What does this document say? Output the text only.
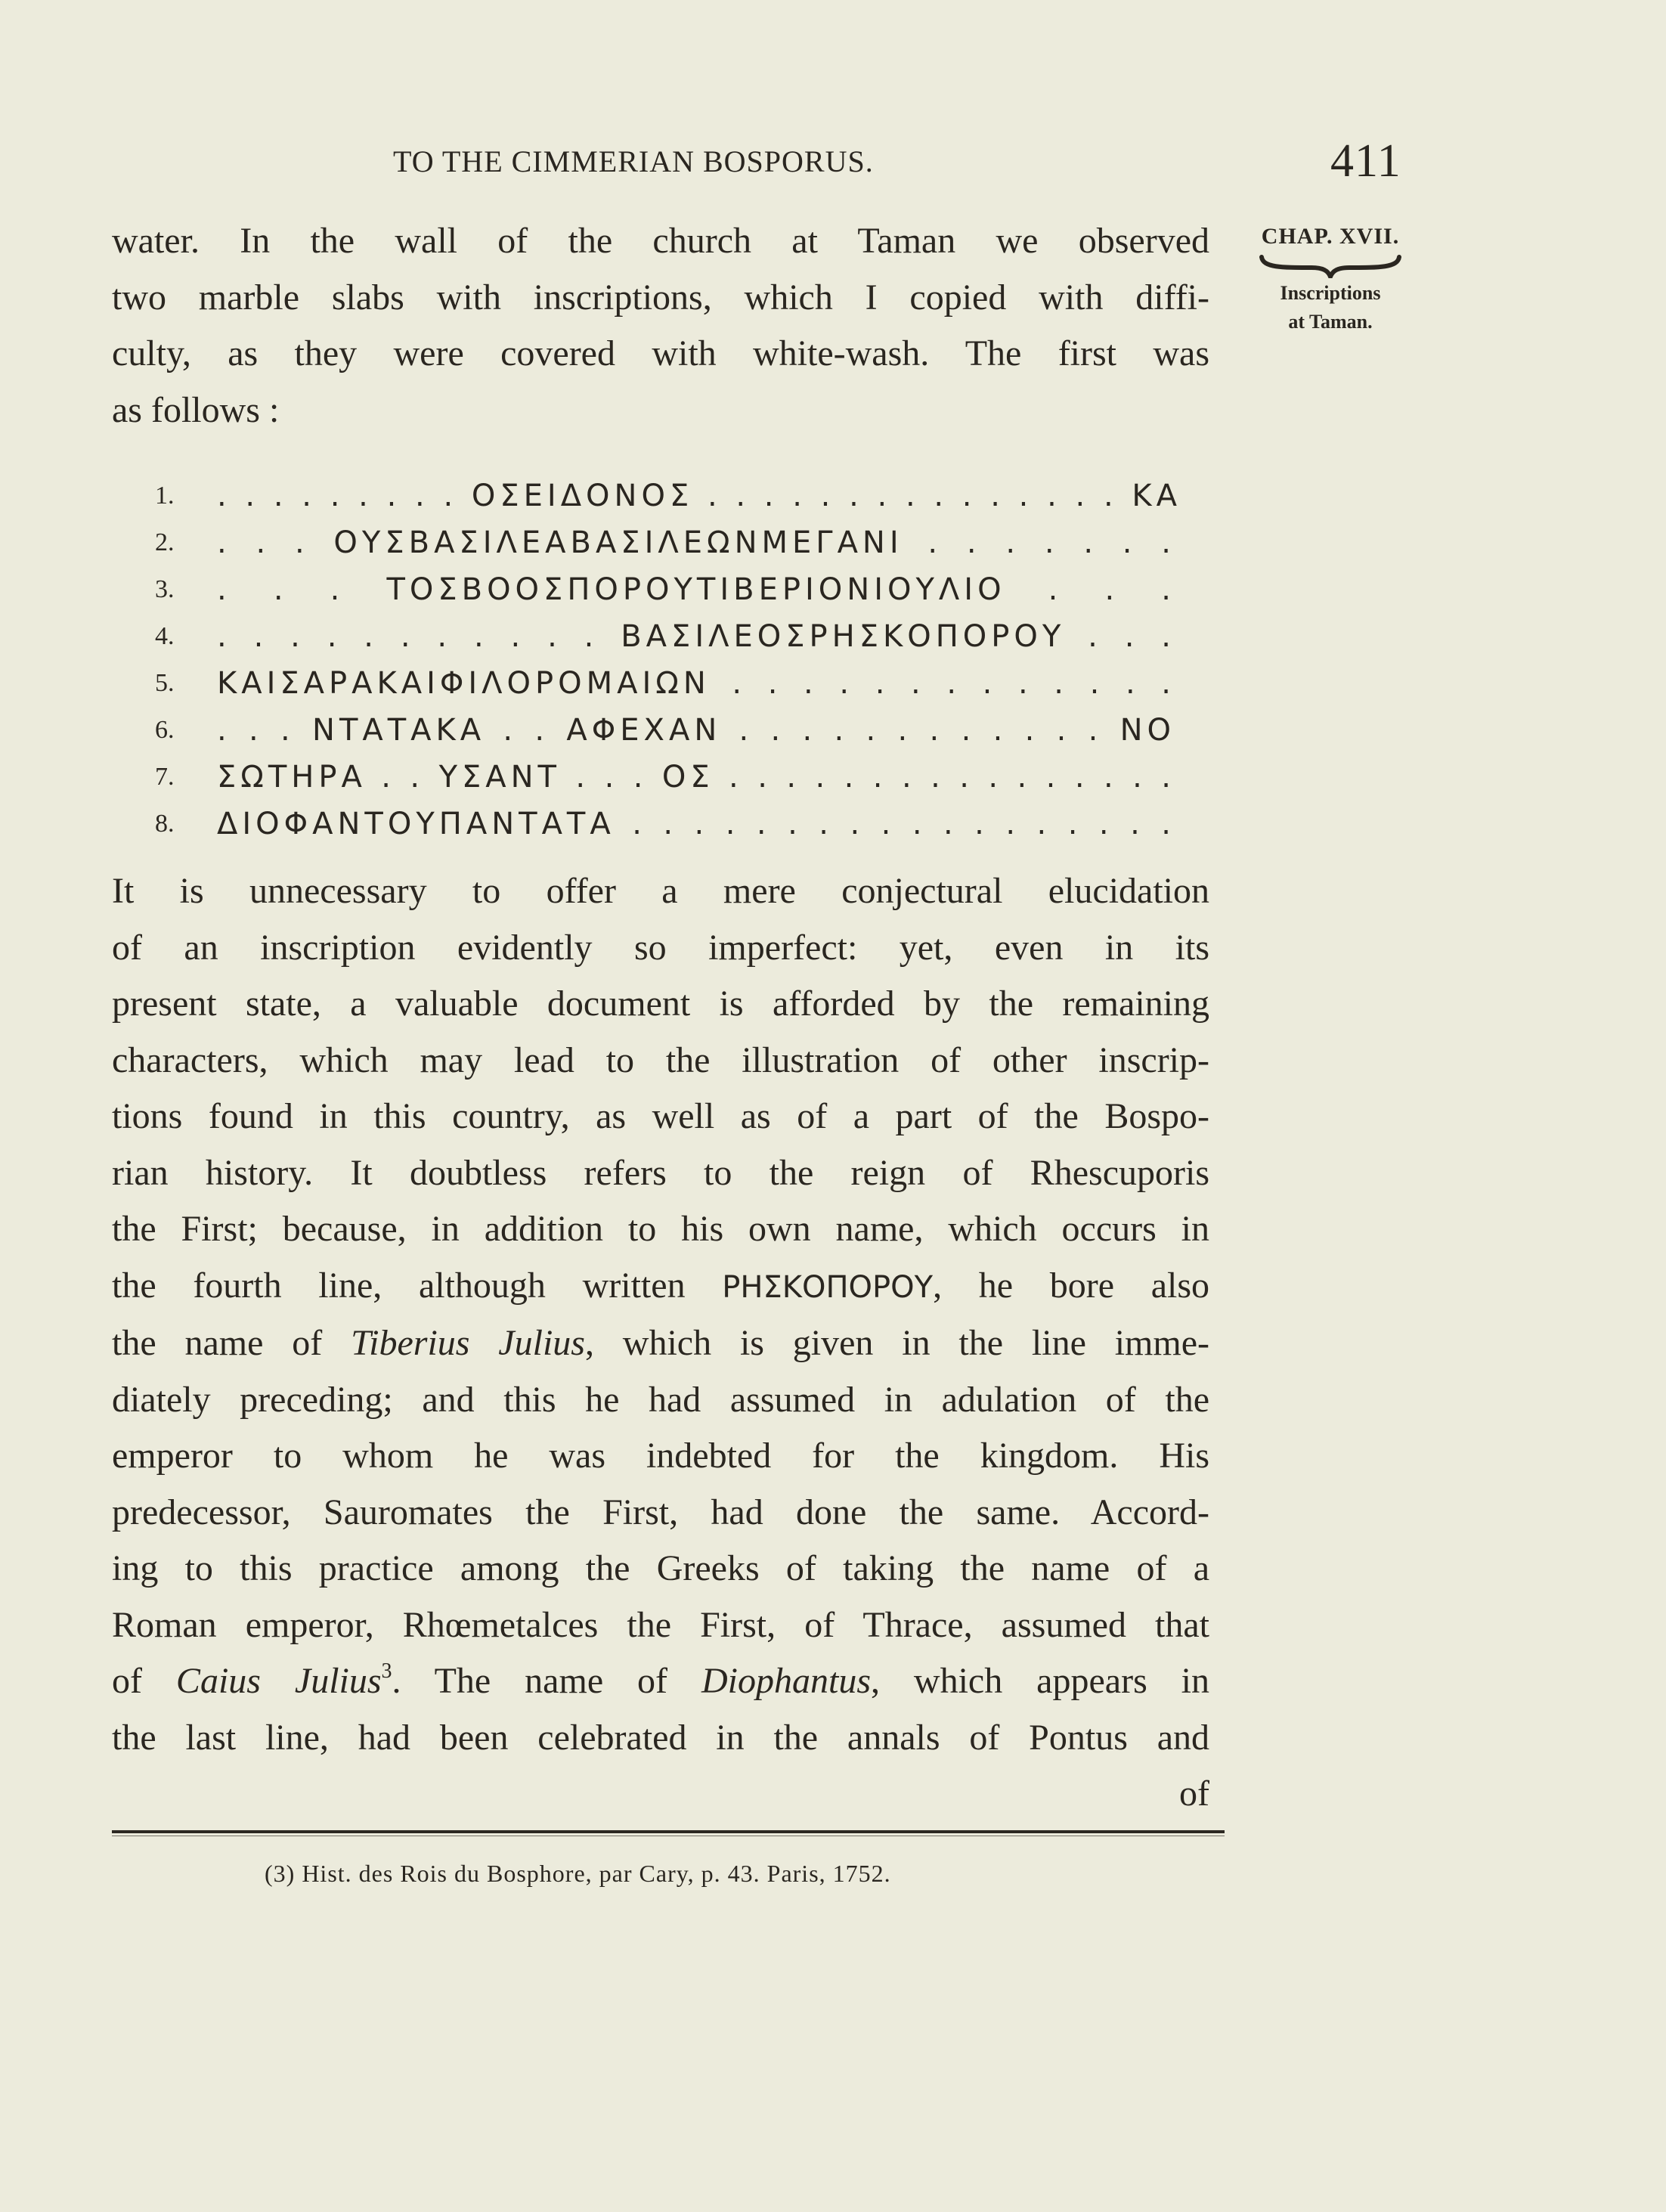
TO THE CIMMERIAN BOSPORUS.	411
CHAP. XVII.
Inscriptions
at Taman.
water. In the wall of the church at Taman we observed
two marble slabs with inscriptions, which I copied with diffi-
culty, as they were covered with white-wash. The first was
as follows :
1.	. . . . . . . . . ΟΣΕΙΔΟΝΟΣ . . . . . . . . . . . . . . . ΚΑ
2.	. . . ΟΥΣΒΑΣΙΛΕΑΒΑΣΙΛΕΩΝΜΕΓΑΝΙ . . . . . . .
3.	. . . ΤΟΣΒΟΟΣΠΟΡΟΥΤΙΒΕΡΙΟΝΙΟΥΛΙΟ . . .
4.	. . . . . . . . . . . ΒΑΣΙΛΕΟΣΡΗΣΚΟΠΟΡΟΥ . . .
5.	ΚΑΙΣΑΡΑΚΑΙΦΙΛΟΡΟΜΑΙΩΝ . . . . . . . . . . . . .
6.	. . . ΝΤΑΤΑΚΑ . . ΑΦΕΧΑΝ . . . . . . . . . . . . ΝΟ
7.	ΣΩΤΗΡΑ . . ΥΣΑΝΤ . . . ΟΣ . . . . . . . . . . . . . . . .
8.	ΔΙΟΦΑΝΤΟΥΠΑΝΤΑΤΑ . . . . . . . . . . . . . . . . . .
It is unnecessary to offer a mere conjectural elucidation
of an inscription evidently so imperfect: yet, even in its
present state, a valuable document is afforded by the remaining
characters, which may lead to the illustration of other inscrip-
tions found in this country, as well as of a part of the Bospo-
rian history. It doubtless refers to the reign of Rhescuporis
the First; because, in addition to his own name, which occurs in
the fourth line, although written ΡΗΣΚΟΠΟΡΟΥ, he bore also
the name of Tiberius Julius, which is given in the line imme-
diately preceding; and this he had assumed in adulation of the
emperor to whom he was indebted for the kingdom. His
predecessor, Sauromates the First, had done the same. Accord-
ing to this practice among the Greeks of taking the name of a
Roman emperor, Rhœmetalces the First, of Thrace, assumed that
of Caius Julius$^3$. The name of Diophantus, which appears in
the last line, had been celebrated in the annals of Pontus and
of
(3) Hist. des Rois du Bosphore, par Cary, p. 43. Paris, 1752.
